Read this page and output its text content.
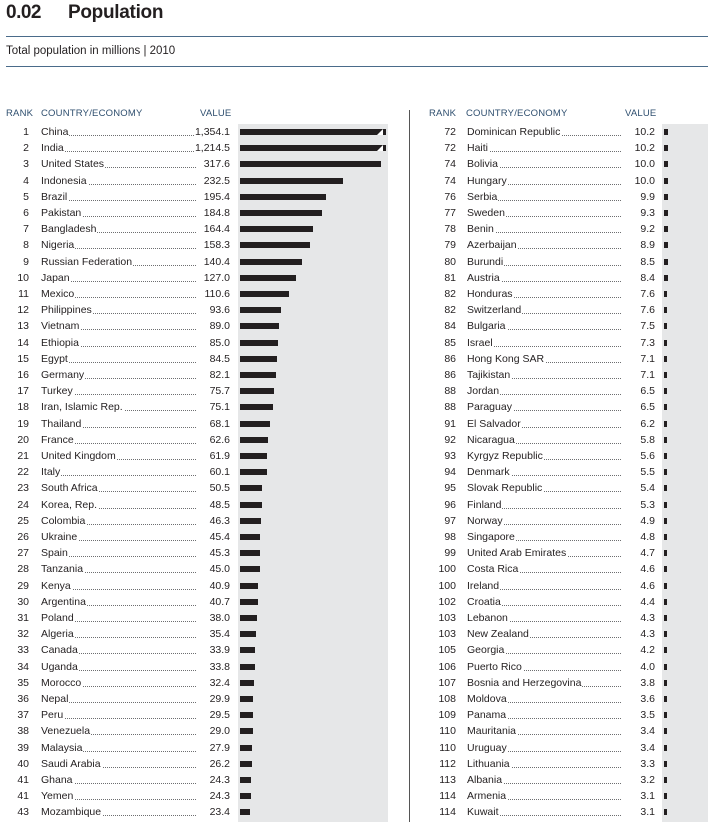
0.02	Population
Total population in millions | 2010
RANK COUNTRY/ECONOMY	VALUE
1 China	1,354.1
2 India	1,214.5
3 United States	317.6
4 Indonesia	232.5
5 Brazil	195.4
6 Pakistan	184.8
7 Bangladesh	164.4
8 Nigeria	158.3
9 Russian Federation	140.4
10 Japan	127.0
11 Mexico	110.6
12 Philippines	93.6
13 Vietnam	89.0
14 Ethiopia	85.0
15 Egypt	84.5
16 Germany	82.1
17 Turkey	75.7
18 Iran, Islamic Rep.	75.1
19 Thailand	68.1
20 France	62.6
21 United Kingdom	61.9
22 Italy	60.1
23 South Africa	50.5
24 Korea, Rep.	48.5
25 Colombia	46.3
26 Ukraine	45.4
27 Spain	45.3
28 Tanzania	45.0
29 Kenya	40.9
30 Argentina	40.7
31 Poland	38.0
32 Algeria	35.4
33 Canada	33.9
34 Uganda	33.8
35 Morocco	32.4
36 Nepal	29.9
37 Peru	29.5
38 Venezuela	29.0
39 Malaysia	27.9
40 Saudi Arabia	26.2
41 Ghana	24.3
41 Yemen	24.3
43 Mozambique	23.4
RANK COUNTRY/ECONOMY	VALUE
72 Dominican Republic	10.2
72 Haiti	10.2
74 Bolivia	10.0
74 Hungary	10.0
76 Serbia	9.9
77 Sweden	9.3
78 Benin	9.2
79 Azerbaijan	8.9
80 Burundi	8.5
81 Austria	8.4
82 Honduras	7.6
82 Switzerland	7.6
84 Bulgaria	7.5
85 Israel	7.3
86 Hong Kong SAR	7.1
86 Tajikistan	7.1
88 Jordan	6.5
88 Paraguay	6.5
91 El Salvador	6.2
92 Nicaragua	5.8
93 Kyrgyz Republic	5.6
94 Denmark	5.5
95 Slovak Republic	5.4
96 Finland	5.3
97 Norway	4.9
98 Singapore	4.8
99 United Arab Emirates	4.7
100 Costa Rica	4.6
100 Ireland	4.6
102 Croatia	4.4
103 Lebanon	4.3
103 New Zealand	4.3
105 Georgia	4.2
106 Puerto Rico	4.0
107 Bosnia and Herzegovina	3.8
108 Moldova	3.6
109 Panama	3.5
110 Mauritania	3.4
110 Uruguay	3.4
112 Lithuania	3.3
113 Albania	3.2
114 Armenia	3.1
114 Kuwait	3.1
